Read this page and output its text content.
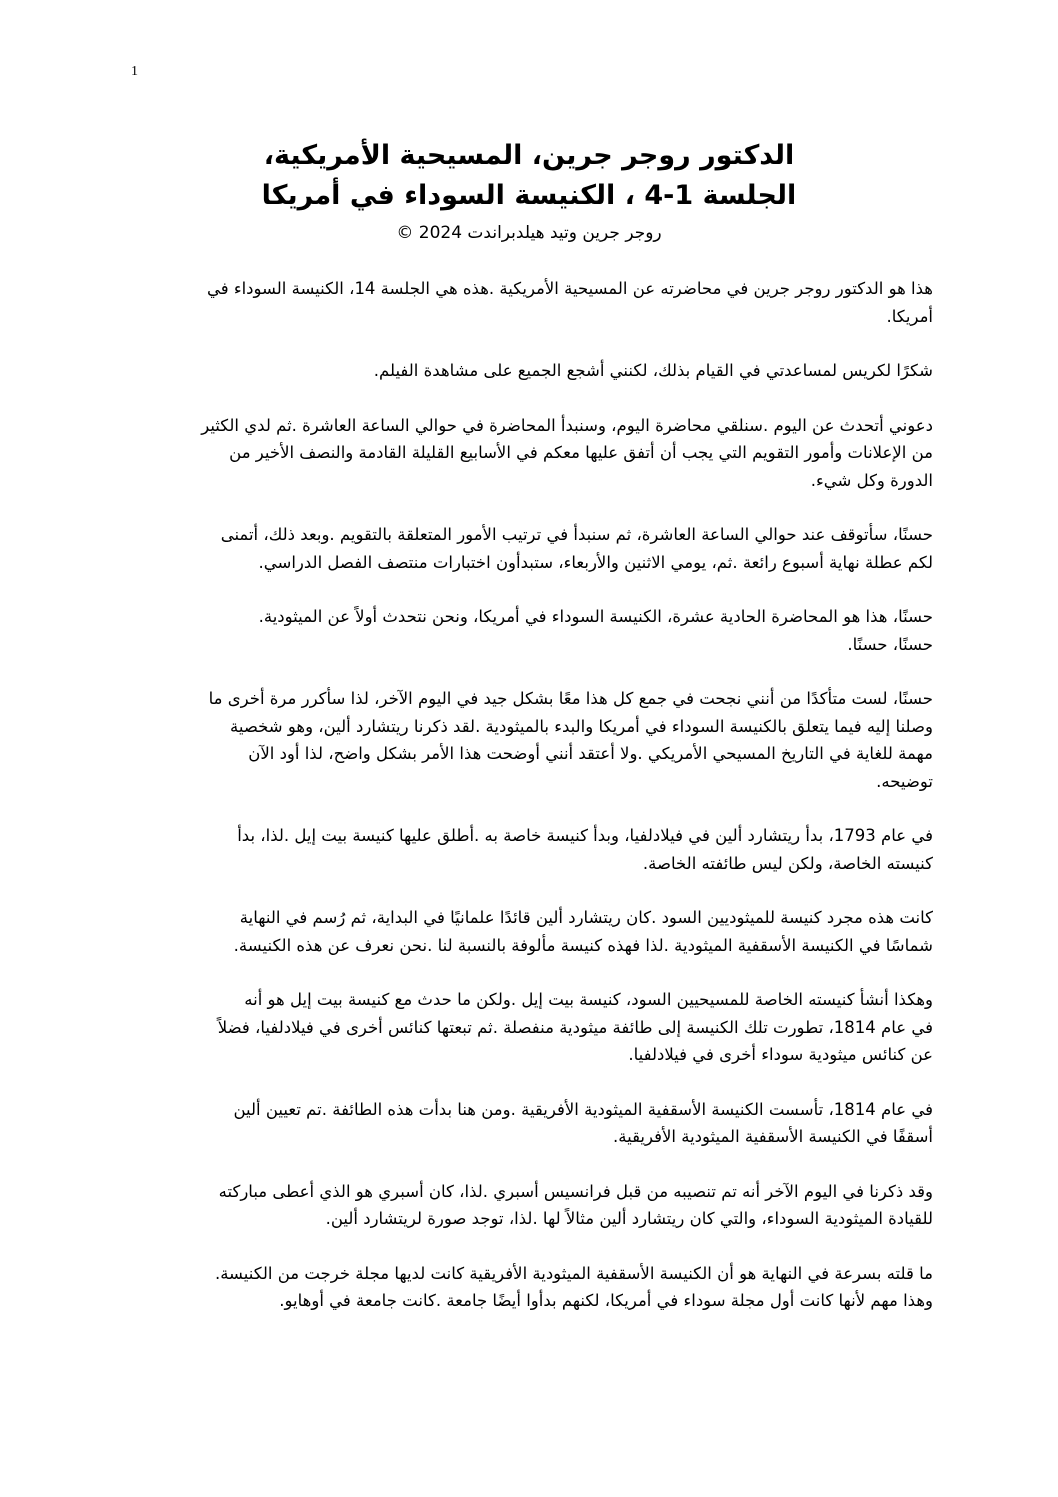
1
الدكتور روجر جرين، المسيحية الأمريكية،
الجلسة 1-4 ، الكنيسة السوداء في أمريكا
روجر جرين وتيد هيلدبراندت 2024 ©
هذا هو الدكتور روجر جرين في محاضرته عن المسيحية الأمريكية .هذه هي الجلسة 14، الكنيسة السوداء في
أمريكا.
شكرًا لكريس لمساعدتي في القيام بذلك، لكنني أشجع الجميع على مشاهدة الفيلم.
دعوني أتحدث عن اليوم .سنلقي محاضرة اليوم، وسنبدأ المحاضرة في حوالي الساعة العاشرة .ثم لدي الكثير
من الإعلانات وأمور التقويم التي يجب أن أتفق عليها معكم في الأسابيع القليلة القادمة والنصف الأخير من
الدورة وكل شيء.
حسنًا، سأتوقف عند حوالي الساعة العاشرة، ثم سنبدأ في ترتيب الأمور المتعلقة بالتقويم .وبعد ذلك، أتمنى
لكم عطلة نهاية أسبوع رائعة .ثم، يومي الاثنين والأربعاء، ستبدأون اختبارات منتصف الفصل الدراسي.
حسنًا، هذا هو المحاضرة الحادية عشرة، الكنيسة السوداء في أمريكا، ونحن نتحدث أولاً عن الميثودية.
حسنًا، حسنًا.
حسنًا، لست متأكدًا من أنني نجحت في جمع كل هذا معًا بشكل جيد في اليوم الآخر، لذا سأكرر مرة أخرى ما
وصلنا إليه فيما يتعلق بالكنيسة السوداء في أمريكا والبدء بالميثودية .لقد ذكرنا ريتشارد ألين، وهو شخصية
مهمة للغاية في التاريخ المسيحي الأمريكي .ولا أعتقد أنني أوضحت هذا الأمر بشكل واضح، لذا أود الآن
توضيحه.
في عام 1793، بدأ ريتشارد ألين في فيلادلفيا، وبدأ كنيسة خاصة به .أطلق عليها كنيسة بيت إيل .لذا، بدأ
كنيسته الخاصة، ولكن ليس طائفته الخاصة.
كانت هذه مجرد كنيسة للميثوديين السود .كان ريتشارد ألين قائدًا علمانيًا في البداية، ثم رُسم في النهاية
شماسًا في الكنيسة الأسقفية الميثودية .لذا فهذه كنيسة مألوفة بالنسبة لنا .نحن نعرف عن هذه الكنيسة.
وهكذا أنشأ كنيسته الخاصة للمسيحيين السود، كنيسة بيت إيل .ولكن ما حدث مع كنيسة بيت إيل هو أنه
في عام 1814، تطورت تلك الكنيسة إلى طائفة ميثودية منفصلة .ثم تبعتها كنائس أخرى في فيلادلفيا، فضلاً
عن كنائس ميثودية سوداء أخرى في فيلادلفيا.
في عام 1814، تأسست الكنيسة الأسقفية الميثودية الأفريقية .ومن هنا بدأت هذه الطائفة .تم تعيين ألين
أسقفًا في الكنيسة الأسقفية الميثودية الأفريقية.
وقد ذكرنا في اليوم الآخر أنه تم تنصيبه من قبل فرانسيس أسبري .لذا، كان أسبري هو الذي أعطى مباركته
للقيادة الميثودية السوداء، والتي كان ريتشارد ألين مثالاً لها .لذا، توجد صورة لريتشارد ألين.
ما قلته بسرعة في النهاية هو أن الكنيسة الأسقفية الميثودية الأفريقية كانت لديها مجلة خرجت من الكنيسة.
وهذا مهم لأنها كانت أول مجلة سوداء في أمريكا، لكنهم بدأوا أيضًا جامعة .كانت جامعة في أوهايو.
